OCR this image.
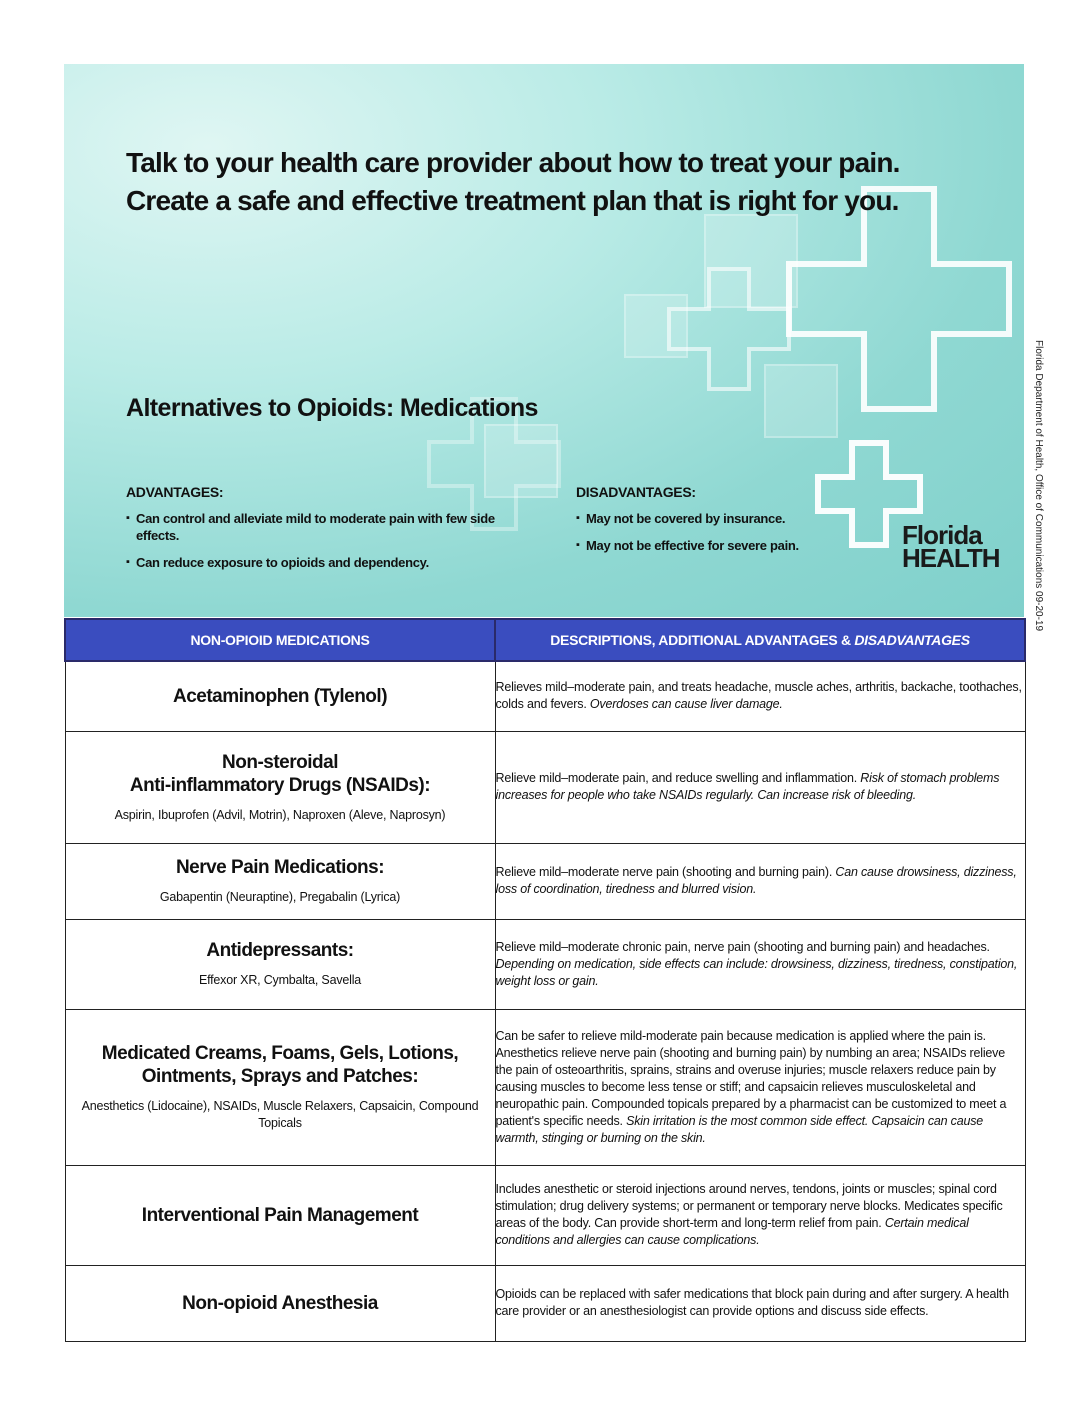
Talk to your health care provider about how to treat your pain.
Create a safe and effective treatment plan that is right for you.
Alternatives to Opioids: Medications

ADVANTAGES:

▪ Can control and alleviate mild to moderate pain with few side effects.

▪ Can reduce exposure to opioids and dependency.

DISADVANTAGES:

▪ May not be covered by insurance.

▪ May not be effective for severe pain.	Florida
HEALTH	Florida Department of Health, Office of Communications 09-20-19
NON-OPIOID MEDICATIONS	DESCRIPTIONS, ADDITIONAL ADVANTAGES & DISADVANTAGES

Acetaminophen (Tylenol)	Relieves mild–moderate pain, and treats headache, muscle aches, arthritis, backache, toothaches, colds and fevers. Overdoses can cause liver damage.

Non-steroidal
Anti-inflammatory Drugs (NSAIDs):
Aspirin, Ibuprofen (Advil, Motrin), Naproxen (Aleve, Naprosyn)	Relieve mild–moderate pain, and reduce swelling and inflammation. Risk of stomach problems increases for people who take NSAIDs regularly. Can increase risk of bleeding.

Nerve Pain Medications:
Gabapentin (Neuraptine), Pregabalin (Lyrica)	Relieve mild–moderate nerve pain (shooting and burning pain). Can cause drowsiness, dizziness, loss of coordination, tiredness and blurred vision.

Antidepressants:
Effexor XR, Cymbalta, Savella	Relieve mild–moderate chronic pain, nerve pain (shooting and burning pain) and headaches. Depending on medication, side effects can include: drowsiness, dizziness, tiredness, constipation, weight loss or gain.

Medicated Creams, Foams, Gels, Lotions, Ointments, Sprays and Patches:
Anesthetics (Lidocaine), NSAIDs, Muscle Relaxers, Capsaicin, Compound Topicals	Can be safer to relieve mild-moderate pain because medication is applied where the pain is. Anesthetics relieve nerve pain (shooting and burning pain) by numbing an area; NSAIDs relieve the pain of osteoarthritis, sprains, strains and overuse injuries; muscle relaxers reduce pain by causing muscles to become less tense or stiff; and capsaicin relieves musculoskeletal and neuropathic pain. Compounded topicals prepared by a pharmacist can be customized to meet a patient's specific needs. Skin irritation is the most common side effect. Capsaicin can cause warmth, stinging or burning on the skin.

Interventional Pain Management	Includes anesthetic or steroid injections around nerves, tendons, joints or muscles; spinal cord stimulation; drug delivery systems; or permanent or temporary nerve blocks. Medicates specific areas of the body. Can provide short-term and long-term relief from pain. Certain medical conditions and allergies can cause complications.

Non-opioid Anesthesia	Opioids can be replaced with safer medications that block pain during and after surgery. A health care provider or an anesthesiologist can provide options and discuss side effects.
